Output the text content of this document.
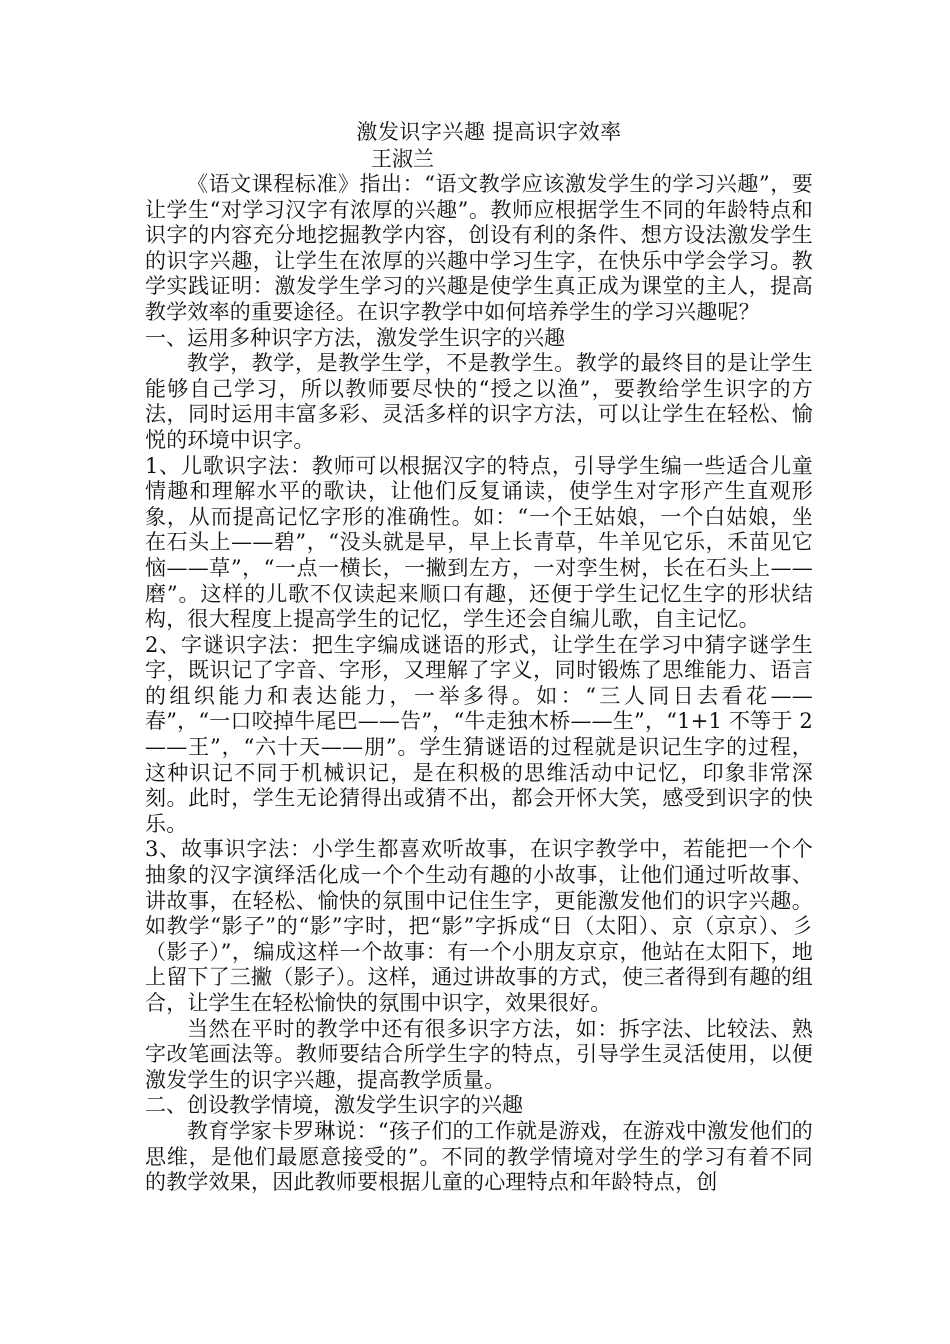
激发识字兴趣 提高识字效率

王淑兰

《语文课程标准》指出：“语文教学应该激发学生的学习兴趣”，要让学生“对学习汉字有浓厚的兴趣”。教师应根据学生不同的年龄特点和识字的内容充分地挖掘教学内容，创设有利的条件、想方设法激发学生的识字兴趣，让学生在浓厚的兴趣中学习生字，在快乐中学会学习。教学实践证明：激发学生学习的兴趣是使学生真正成为课堂的主人，提高教学效率的重要途径。在识字教学中如何培养学生的学习兴趣呢？

一、运用多种识字方法，激发学生识字的兴趣

教学，教学，是教学生学，不是教学生。教学的最终目的是让学生能够自己学习，所以教师要尽快的“授之以渔”，要教给学生识字的方法，同时运用丰富多彩、灵活多样的识字方法，可以让学生在轻松、愉悦的环境中识字。

1、儿歌识字法：教师可以根据汉字的特点，引导学生编一些适合儿童情趣和理解水平的歌诀，让他们反复诵读，使学生对字形产生直观形象，从而提高记忆字形的准确性。如：“一个王姑娘，一个白姑娘，坐在石头上——碧”，“没头就是早，早上长青草，牛羊见它乐，禾苗见它恼——草”，“一点一横长，一撇到左方，一对孪生树，长在石头上——磨”。这样的儿歌不仅读起来顺口有趣，还便于学生记忆生字的形状结构，很大程度上提高学生的记忆，学生还会自编儿歌，自主记忆。

2、字谜识字法：把生字编成谜语的形式，让学生在学习中猜字谜学生字，既识记了字音、字形，又理解了字义，同时锻炼了思维能力、语言的组织能力和表达能力，一举多得。如：“三人同日去看花——春”，“一口咬掉牛尾巴——告”，“牛走独木桥——生”，“1+1 不等于 2——王”，“六十天——朋”。学生猜谜语的过程就是识记生字的过程，这种识记不同于机械识记，是在积极的思维活动中记忆，印象非常深刻。此时，学生无论猜得出或猜不出，都会开怀大笑，感受到识字的快乐。

3、故事识字法：小学生都喜欢听故事，在识字教学中，若能把一个个抽象的汉字演绎活化成一个个生动有趣的小故事，让他们通过听故事、讲故事，在轻松、愉快的氛围中记住生字，更能激发他们的识字兴趣。如教学“影子”的“影”字时，把“影”字拆成“日（太阳）、京（京京）、彡（影子）”，编成这样一个故事：有一个小朋友京京，他站在太阳下，地上留下了三撇（影子）。这样，通过讲故事的方式，使三者得到有趣的组合，让学生在轻松愉快的氛围中识字，效果很好。

当然在平时的教学中还有很多识字方法，如：拆字法、比较法、熟字改笔画法等。教师要结合所学生字的特点，引导学生灵活使用，以便激发学生的识字兴趣，提高教学质量。

二、创设教学情境，激发学生识字的兴趣

教育学家卡罗琳说：“孩子们的工作就是游戏，在游戏中激发他们的思维，是他们最愿意接受的”。不同的教学情境对学生的学习有着不同的教学效果，因此教师要根据儿童的心理特点和年龄特点，创
